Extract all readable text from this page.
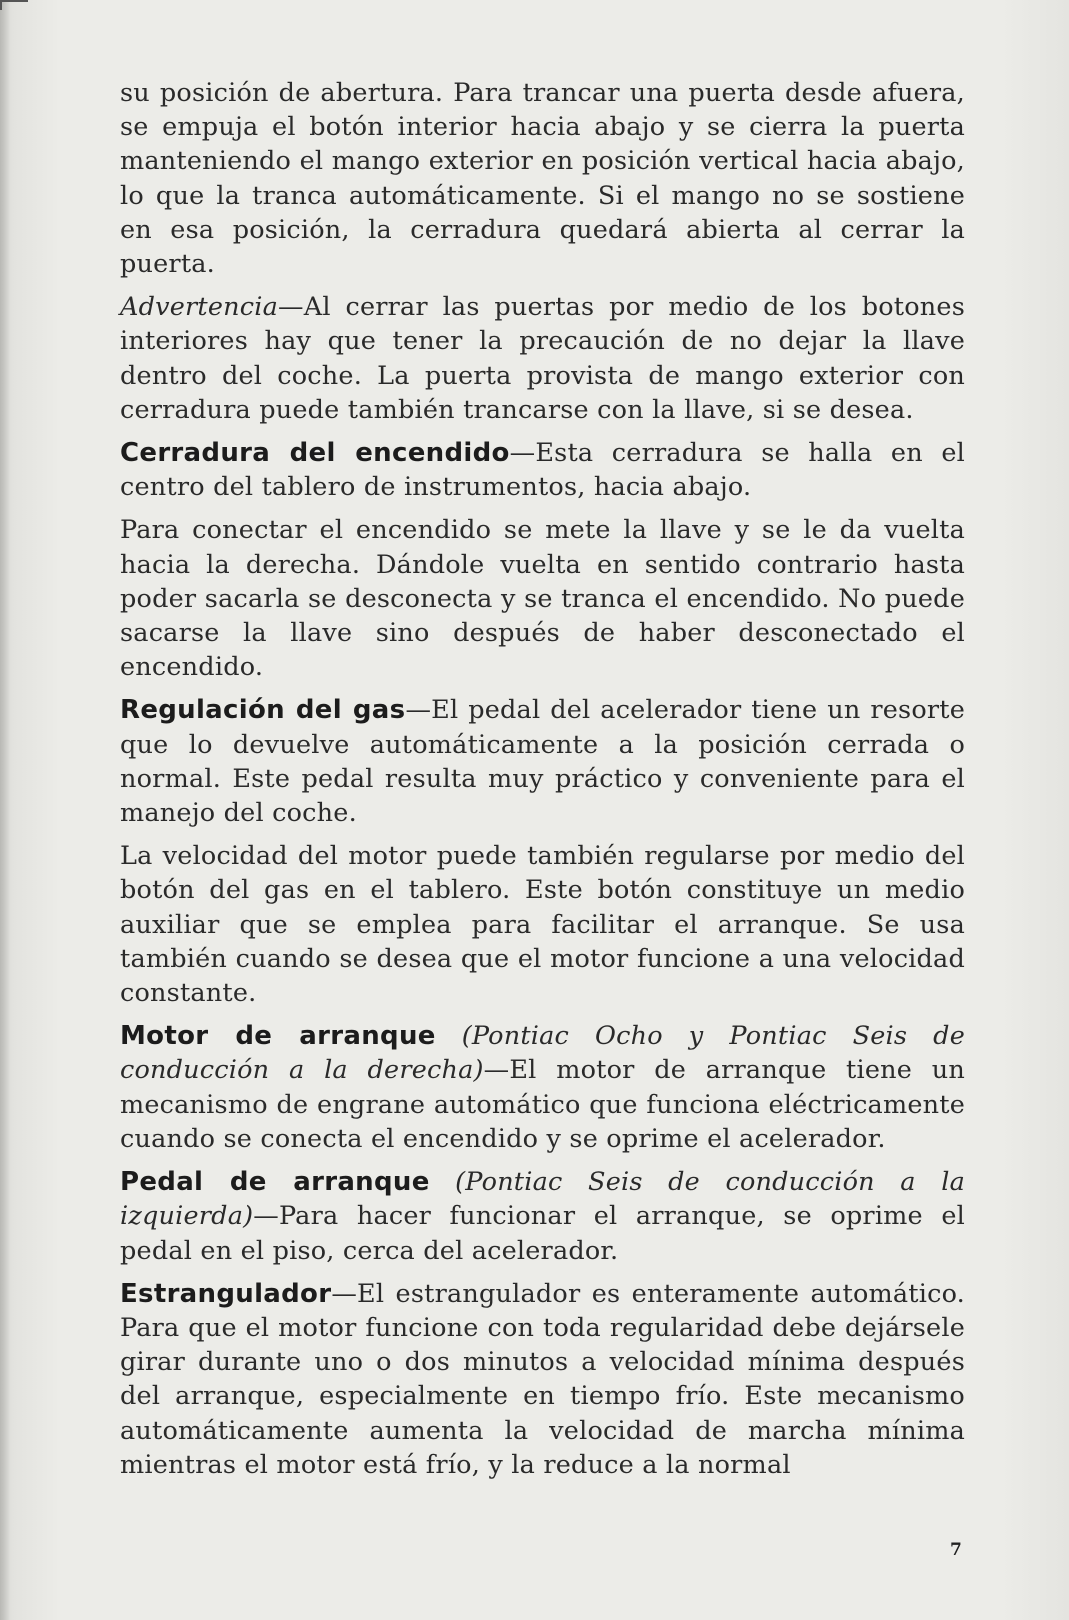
su posición de abertura. Para trancar una puerta desde afuera, se empuja el botón interior hacia abajo y se cierra la puerta manteniendo el mango exterior en posición vertical hacia abajo, lo que la tranca automáticamente. Si el mango no se sostiene en esa posición, la cerradura quedará abierta al cerrar la puerta.

Advertencia—Al cerrar las puertas por medio de los botones interiores hay que tener la precaución de no dejar la llave dentro del coche. La puerta provista de mango exterior con cerradura puede también trancarse con la llave, si se desea.

Cerradura del encendido—Esta cerradura se halla en el centro del tablero de instrumentos, hacia abajo.

Para conectar el encendido se mete la llave y se le da vuelta hacia la derecha. Dándole vuelta en sentido contrario hasta poder sacarla se desconecta y se tranca el encendido. No puede sacarse la llave sino después de haber desconectado el encendido.

Regulación del gas—El pedal del acelerador tiene un resorte que lo devuelve automáticamente a la posición cerrada o normal. Este pedal resulta muy práctico y conveniente para el manejo del coche.

La velocidad del motor puede también regularse por medio del botón del gas en el tablero. Este botón constituye un medio auxiliar que se emplea para facilitar el arranque. Se usa también cuando se desea que el motor funcione a una velocidad constante.

Motor de arranque (Pontiac Ocho y Pontiac Seis de conducción a la derecha)—El motor de arranque tiene un mecanismo de engrane automático que funciona eléctricamente cuando se conecta el encendido y se oprime el acelerador.

Pedal de arranque (Pontiac Seis de conducción a la izquierda)—Para hacer funcionar el arranque, se oprime el pedal en el piso, cerca del acelerador.

Estrangulador—El estrangulador es enteramente automático. Para que el motor funcione con toda regularidad debe dejársele girar durante uno o dos minutos a velocidad mínima después del arranque, especialmente en tiempo frío. Este mecanismo automáticamente aumenta la velocidad de marcha mínima mientras el motor está frío, y la reduce a la normal

7
